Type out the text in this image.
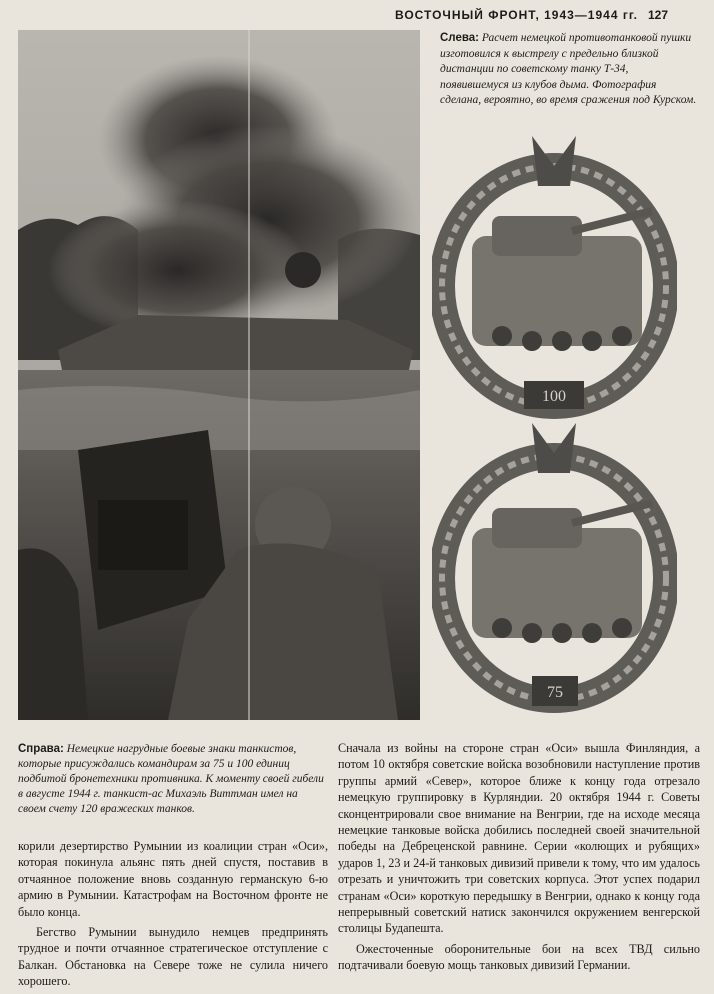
ВОСТОЧНЫЙ ФРОНТ, 1943—1944 гг. 127
Слева: Расчет немецкой противотанковой пушки изготовился к выстрелу с предельно близкой дистанции по советскому танку Т-34, появившемуся из клубов дыма. Фотография сделана, вероятно, во время сражения под Курском.
100
75
Справа: Немецкие нагрудные боевые знаки танкистов, которые присуждались командирам за 75 и 100 единиц подбитой бронетехники противника. К моменту своей гибели в августе 1944 г. танкист-ас Михаэль Виттман имел на своем счету 120 вражеских танков.

корили дезертирство Румынии из коалиции стран «Оси», которая покинула альянс пять дней спустя, поставив в отчаянное положение вновь созданную германскую 6-ю армию в Румынии. Катастрофам на Восточном фронте не было конца.

Бегство Румынии вынудило немцев предпринять трудное и почти отчаянное стратегическое отступление с Балкан. Обстановка на Севере тоже не сулила ничего хорошего.

Сначала из войны на стороне стран «Оси» вышла Финляндия, а потом 10 октября советские войска возобновили наступление против группы армий «Север», которое ближе к концу года отрезало немецкую группировку в Курляндии. 20 октября 1944 г. Советы сконцентрировали свое внимание на Венгрии, где на исходе месяца немецкие танковые войска добились последней своей значительной победы на Дебреценской равнине. Серии «колющих и рубящих» ударов 1, 23 и 24-й танковых дивизий привели к тому, что им удалось отрезать и уничтожить три советских корпуса. Этот успех подарил странам «Оси» короткую передышку в Венгрии, однако к концу года непрерывный советский натиск закончился окружением венгерской столицы Будапешта.

Ожесточенные оборонительные бои на всех ТВД сильно подтачивали боевую мощь танковых дивизий Германии.
